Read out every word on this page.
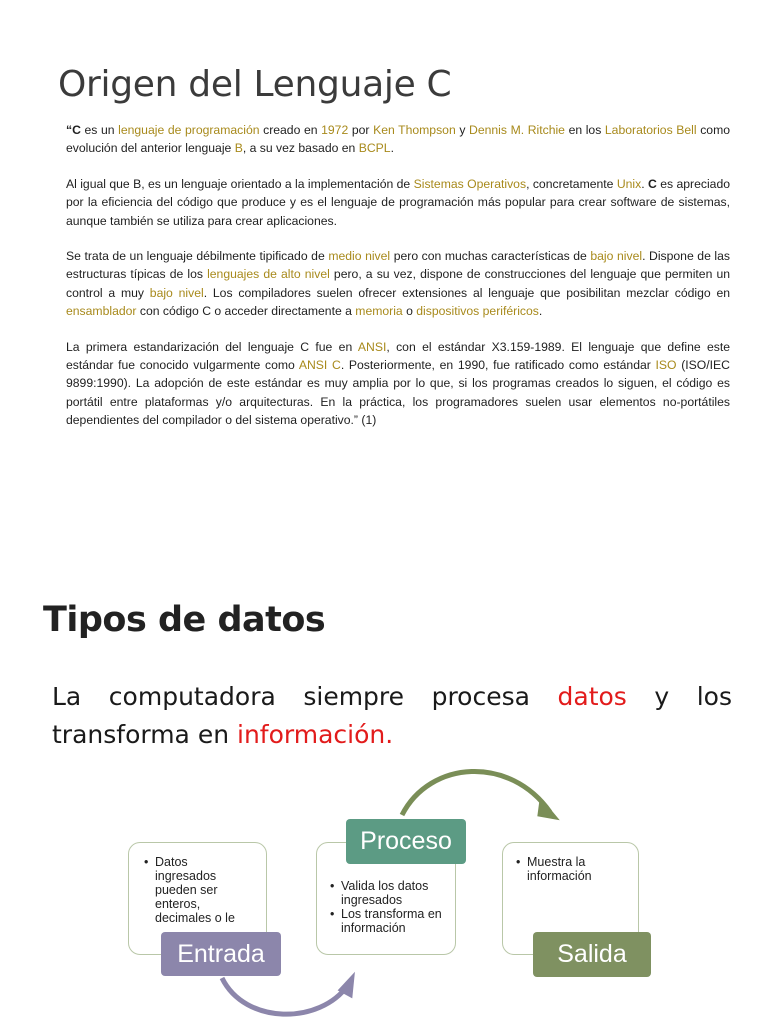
Origen del Lenguaje C

“C es un lenguaje de programación creado en 1972 por Ken Thompson y Dennis M. Ritchie en los Laboratorios Bell como evolución del anterior lenguaje B, a su vez basado en BCPL.

Al igual que B, es un lenguaje orientado a la implementación de Sistemas Operativos, concretamente Unix. C es apreciado por la eficiencia del código que produce y es el lenguaje de programación más popular para crear software de sistemas, aunque también se utiliza para crear aplicaciones.

Se trata de un lenguaje débilmente tipificado de medio nivel pero con muchas características de bajo nivel. Dispone de las estructuras típicas de los lenguajes de alto nivel pero, a su vez, dispone de construcciones del lenguaje que permiten un control a muy bajo nivel. Los compiladores suelen ofrecer extensiones al lenguaje que posibilitan mezclar código en ensamblador con código C o acceder directamente a memoria o dispositivos periféricos.

La primera estandarización del lenguaje C fue en ANSI, con el estándar X3.159-1989. El lenguaje que define este estándar fue conocido vulgarmente como ANSI C. Posteriormente, en 1990, fue ratificado como estándar ISO (ISO/IEC 9899:1990). La adopción de este estándar es muy amplia por lo que, si los programas creados lo siguen, el código es portátil entre plataformas y/o arquitecturas. En la práctica, los programadores suelen usar elementos no-portátiles dependientes del compilador o del sistema operativo.” (1)

Tipos de datos

La computadora siempre procesa datos y los transforma en información.

• Datos ingresados pueden ser enteros, decimales o le
Entrada
• Valida los datos ingresados
• Los transforma en información
Proceso
• Muestra la información
Salida
